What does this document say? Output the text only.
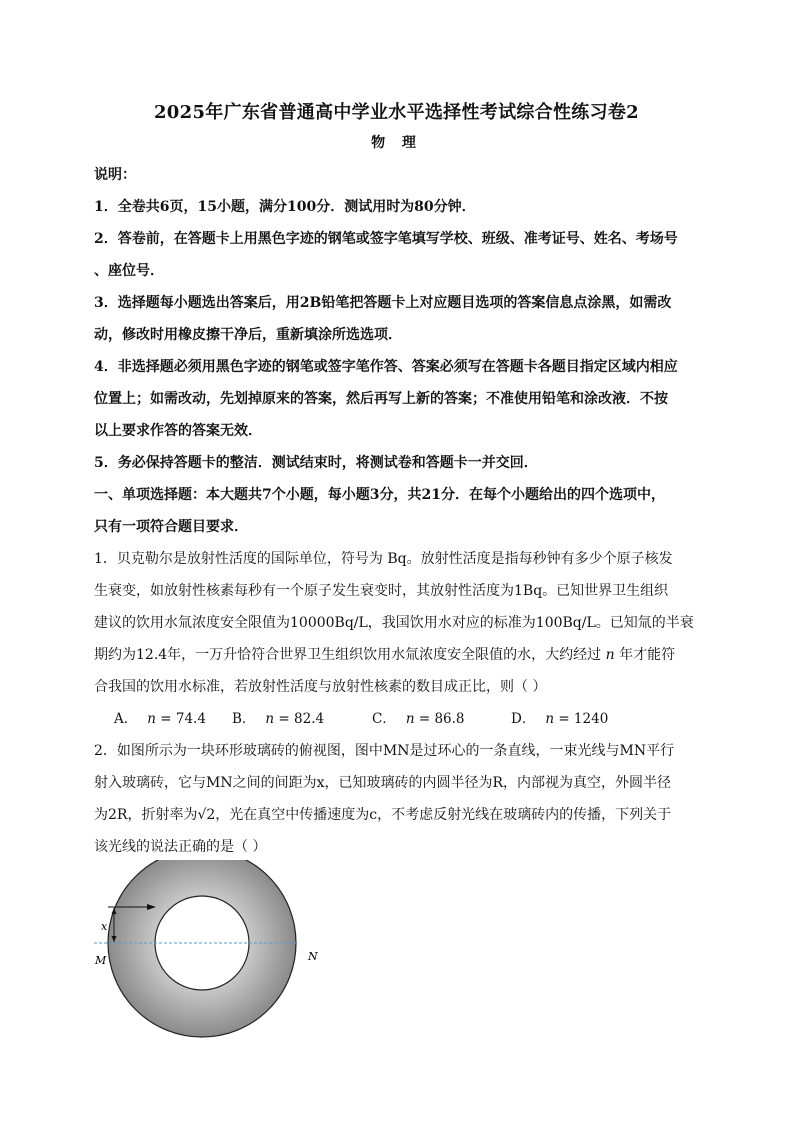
2025年广东省普通高中学业水平选择性考试综合性练习卷2
物 理
说明：
1．全卷共6页，15小题，满分100分．测试用时为80分钟．
2．答卷前，在答题卡上用黑色字迹的钢笔或签字笔填写学校、班级、准考证号、姓名、考场号
、座位号．
3．选择题每小题选出答案后，用2B铅笔把答题卡上对应题目选项的答案信息点涂黑，如需改
动，修改时用橡皮擦干净后，重新填涂所选选项．
4．非选择题必须用黑色字迹的钢笔或签字笔作答、答案必须写在答题卡各题目指定区域内相应
位置上；如需改动，先划掉原来的答案，然后再写上新的答案；不准使用铅笔和涂改液．不按
以上要求作答的答案无效．
5．务必保持答题卡的整洁．测试结束时，将测试卷和答题卡一并交回．
一、单项选择题：本大题共7个小题，每小题3分，共21分．在每个小题给出的四个选项中，
只有一项符合题目要求．
1．贝克勒尔是放射性活度的国际单位，符号为 Bq。放射性活度是指每秒钟有多少个原子核发
生衰变，如放射性核素每秒有一个原子发生衰变时，其放射性活度为1Bq。已知世界卫生组织
建议的饮用水氚浓度安全限值为10000Bq/L，我国饮用水对应的标准为100Bq/L。已知氚的半衰
期约为12.4年，一万升恰符合世界卫生组织饮用水氚浓度安全限值的水，大约经过 n 年才能符
合我国的饮用水标准，若放射性活度与放射性核素的数目成正比，则（ ）
A． n = 74.4 B． n = 82.4	C． n = 86.8	D． n = 1240
2．如图所示为一块环形玻璃砖的俯视图，图中MN是过环心的一条直线，一束光线与MN平行
射入玻璃砖，它与MN之间的间距为x，已知玻璃砖的内圆半径为R，内部视为真空，外圆半径
为2R，折射率为√2，光在真空中传播速度为c，不考虑反射光线在玻璃砖内的传播，下列关于
该光线的说法正确的是（ ）
x
M	N
